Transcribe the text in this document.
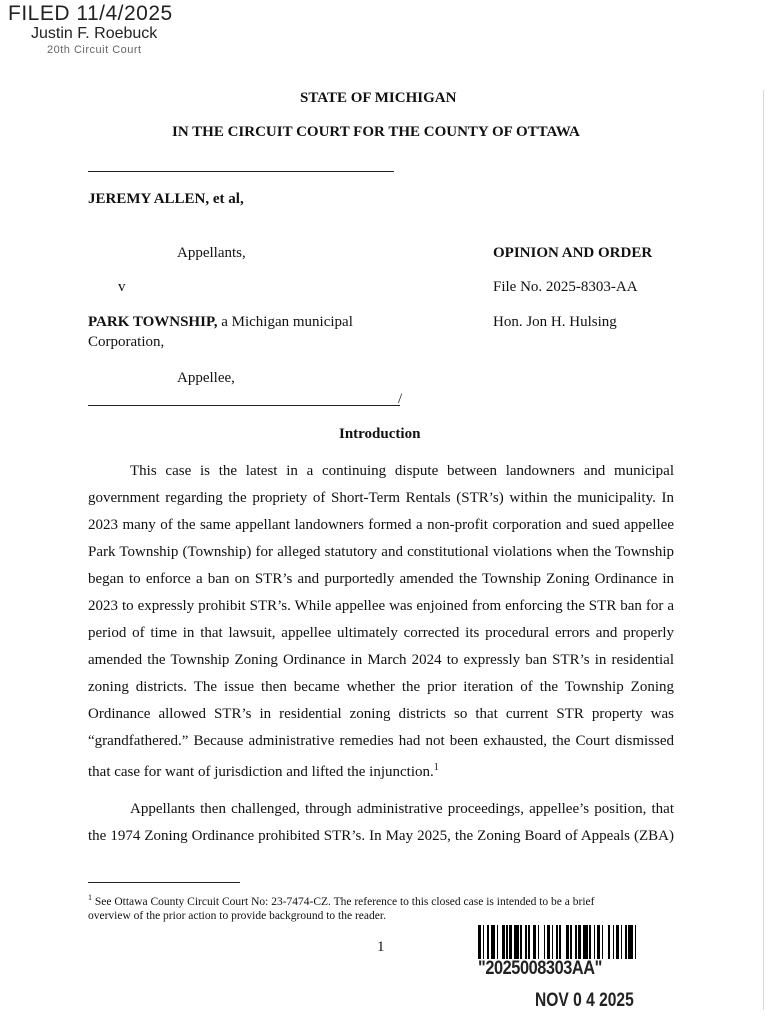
FILED 11/4/2025
Justin F. Roebuck
20th Circuit Court
STATE OF MICHIGAN
IN THE CIRCUIT COURT FOR THE COUNTY OF OTTAWA
JEREMY ALLEN, et al,
Appellants,
v
PARK TOWNSHIP, a Michigan municipal
Corporation,
Appellee,
/
OPINION AND ORDER
File No. 2025-8303-AA
Hon. Jon H. Hulsing
Introduction
This case is the latest in a continuing dispute between landowners and municipal
government regarding the propriety of Short-Term Rentals (STR’s) within the municipality. In
2023 many of the same appellant landowners formed a non-profit corporation and sued appellee
Park Township (Township) for alleged statutory and constitutional violations when the Township
began to enforce a ban on STR’s and purportedly amended the Township Zoning Ordinance in
2023 to expressly prohibit STR’s. While appellee was enjoined from enforcing the STR ban for a
period of time in that lawsuit, appellee ultimately corrected its procedural errors and properly
amended the Township Zoning Ordinance in March 2024 to expressly ban STR’s in residential
zoning districts. The issue then became whether the prior iteration of the Township Zoning
Ordinance allowed STR’s in residential zoning districts so that current STR property was
“grandfathered.” Because administrative remedies had not been exhausted, the Court dismissed
that case for want of jurisdiction and lifted the injunction.$^1$
Appellants then challenged, through administrative proceedings, appellee’s position, that
the 1974 Zoning Ordinance prohibited STR’s. In May 2025, the Zoning Board of Appeals (ZBA)
$^1$ See Ottawa County Circuit Court No: 23-7474-CZ. The reference to this closed case is intended to be a brief
overview of the prior action to provide background to the reader.
1
"2025008303AA"
NOV 0 4 2025
